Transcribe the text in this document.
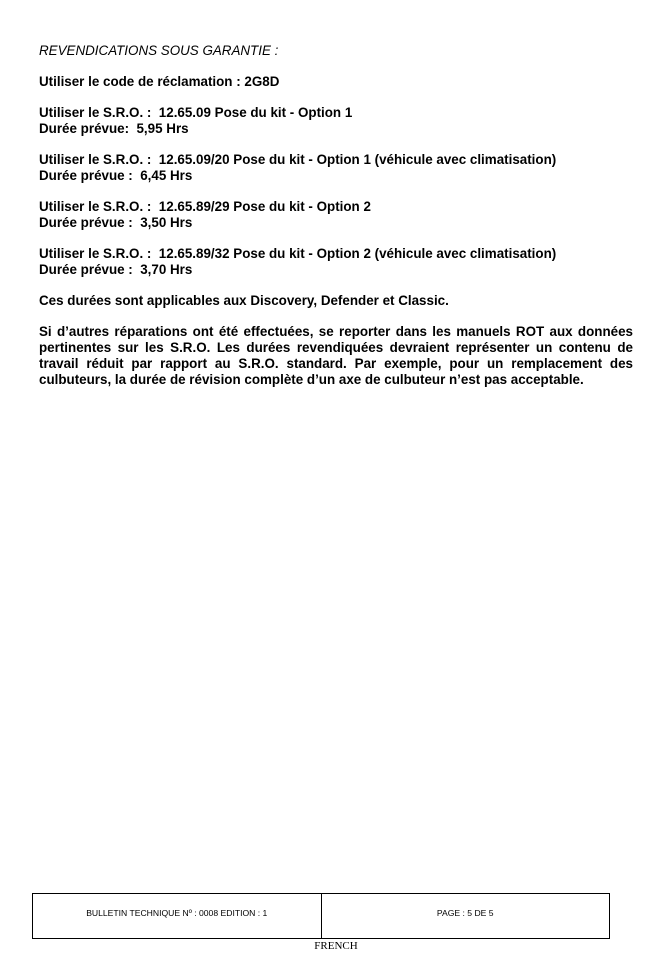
REVENDICATIONS SOUS GARANTIE :
Utiliser le code de réclamation : 2G8D
Utiliser le S.R.O. :  12.65.09 Pose du kit - Option 1
Durée prévue:  5,95 Hrs
Utiliser le S.R.O. :  12.65.09/20 Pose du kit - Option 1 (véhicule avec climatisation)
Durée prévue :  6,45 Hrs
Utiliser le S.R.O. :  12.65.89/29 Pose du kit - Option 2
Durée prévue :  3,50 Hrs
Utiliser le S.R.O. :  12.65.89/32 Pose du kit - Option 2 (véhicule avec climatisation)
Durée prévue :  3,70 Hrs
Ces durées sont applicables aux Discovery, Defender et Classic.

Si d’autres réparations ont été effectuées, se reporter dans les manuels ROT aux données pertinentes sur les S.R.O. Les durées revendiquées devraient représenter un contenu de travail réduit par rapport au S.R.O. standard. Par exemple, pour un remplacement des culbuteurs, la durée de révision complète d’un axe de culbuteur n’est pas acceptable.

BULLETIN TECHNIQUE Nº : 0008 EDITION : 1	PAGE : 5 DE 5
FRENCH
